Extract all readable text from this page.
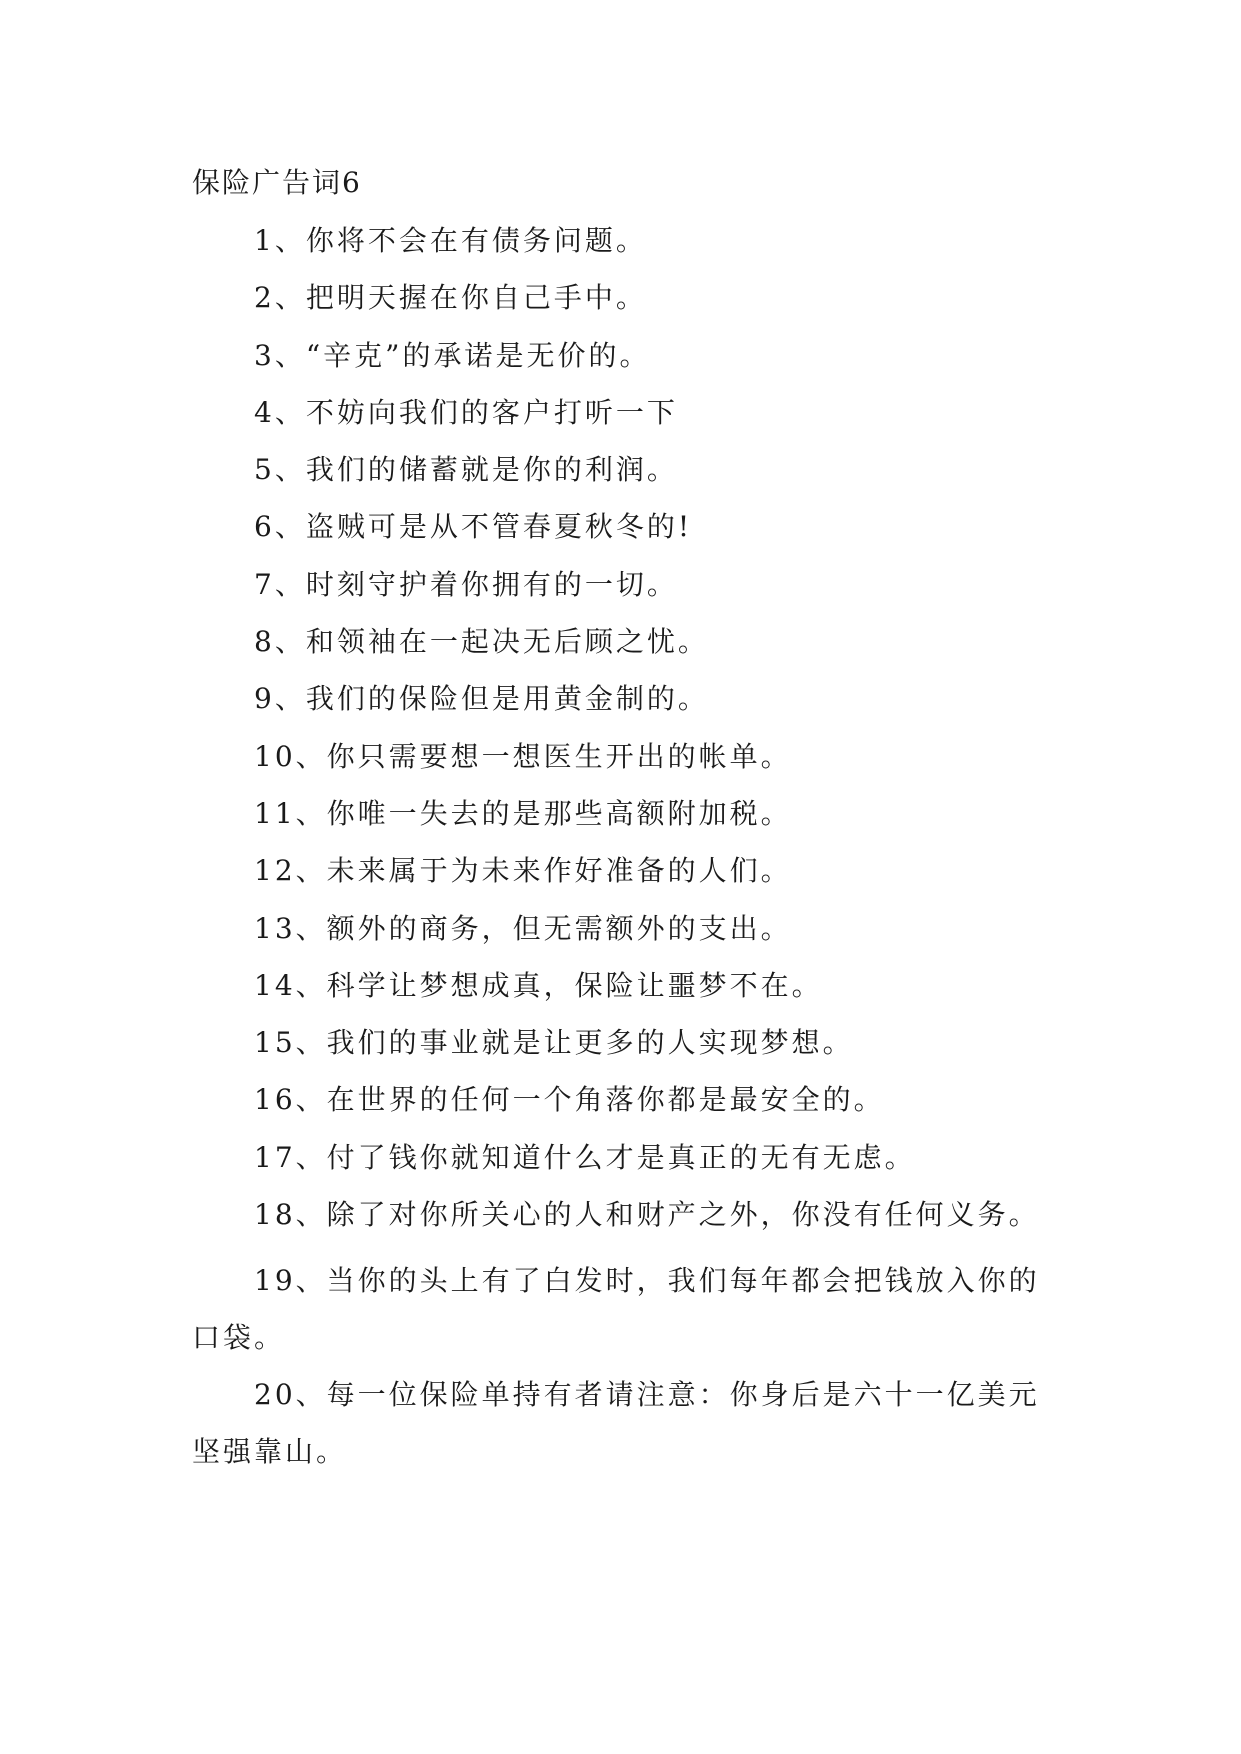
保险广告词6
1、你将不会在有债务问题。
2、把明天握在你自己手中。
3、“辛克”的承诺是无价的。
4、不妨向我们的客户打听一下
5、我们的储蓄就是你的利润。
6、盗贼可是从不管春夏秋冬的!
7、时刻守护着你拥有的一切。
8、和领袖在一起决无后顾之忧。
9、我们的保险但是用黄金制的。
10、你只需要想一想医生开出的帐单。
11、你唯一失去的是那些高额附加税。
12、未来属于为未来作好准备的人们。
13、额外的商务，但无需额外的支出。
14、科学让梦想成真，保险让噩梦不在。
15、我们的事业就是让更多的人实现梦想。
16、在世界的任何一个角落你都是最安全的。
17、付了钱你就知道什么才是真正的无有无虑。
18、除了对你所关心的人和财产之外，你没有任何义务。
19、当你的头上有了白发时，我们每年都会把钱放入你的口袋。
20、每一位保险单持有者请注意：你身后是六十一亿美元坚强靠山。
